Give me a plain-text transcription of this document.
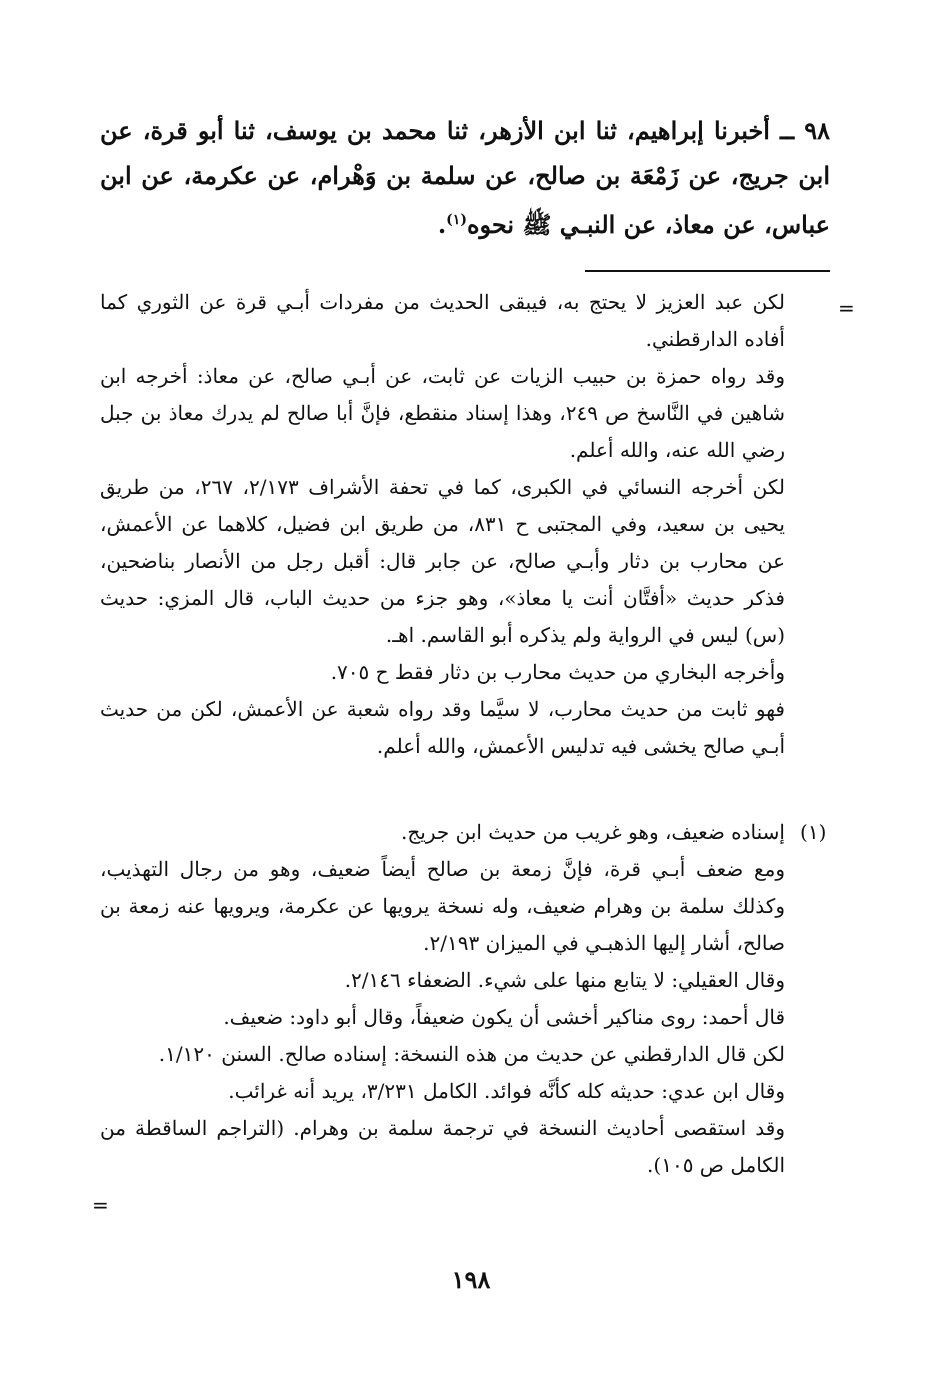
٩٨ ــ أخبرنا إبراهيم، ثنا ابن الأزهر، ثنا محمد بن يوسف، ثنا أبو قرة، عن ابن جريج، عن زَمْعَة بن صالح، عن سلمة بن وَهْرام، عن عكرمة، عن ابن عباس، عن معاذ، عن النبـي ﷺ نحوه$^{(١)}$.
=

لكن عبد العزيز لا يحتج به، فيبقى الحديث من مفردات أبـي قرة عن الثوري كما أفاده الدارقطني.

وقد رواه حمزة بن حبيب الزيات عن ثابت، عن أبـي صالح، عن معاذ: أخرجه ابن شاهين في النَّاسخ ص ٢٤٩، وهذا إسناد منقطع، فإنَّ أبا صالح لم يدرك معاذ بن جبل رضي الله عنه، والله أعلم.

لكن أخرجه النسائي في الكبرى، كما في تحفة الأشراف ٢/١٧٣، ٢٦٧، من طريق يحيى بن سعيد، وفي المجتبى ح ٨٣١، من طريق ابن فضيل، كلاهما عن الأعمش، عن محارب بن دثار وأبـي صالح، عن جابر قال: أقبل رجل من الأنصار بناضحين، فذكر حديث «أفتَّان أنت يا معاذ»، وهو جزء من حديث الباب، قال المزي: حديث (س) ليس في الرواية ولم يذكره أبو القاسم. اهـ.

وأخرجه البخاري من حديث محارب بن دثار فقط ح ٧٠٥.

فهو ثابت من حديث محارب، لا سيَّما وقد رواه شعبة عن الأعمش، لكن من حديث أبـي صالح يخشى فيه تدليس الأعمش، والله أعلم.

(١)

إسناده ضعيف، وهو غريب من حديث ابن جريج.

ومع ضعف أبـي قرة، فإنَّ زمعة بن صالح أيضاً ضعيف، وهو من رجال التهذيب، وكذلك سلمة بن وهرام ضعيف، وله نسخة يرويها عن عكرمة، ويرويها عنه زمعة بن صالح، أشار إليها الذهبـي في الميزان ٢/١٩٣.

وقال العقيلي: لا يتابع منها على شيء. الضعفاء ٢/١٤٦.

قال أحمد: روى مناكير أخشى أن يكون ضعيفاً، وقال أبو داود: ضعيف.

لكن قال الدارقطني عن حديث من هذه النسخة: إسناده صالح. السنن ١/١٢٠.

وقال ابن عدي: حديثه كله كأنَّه فوائد. الكامل ٣/٢٣١، يريد أنه غرائب.

وقد استقصى أحاديث النسخة في ترجمة سلمة بن وهرام. (التراجم الساقطة من الكامل ص ١٠٥).

=
١٩٨
